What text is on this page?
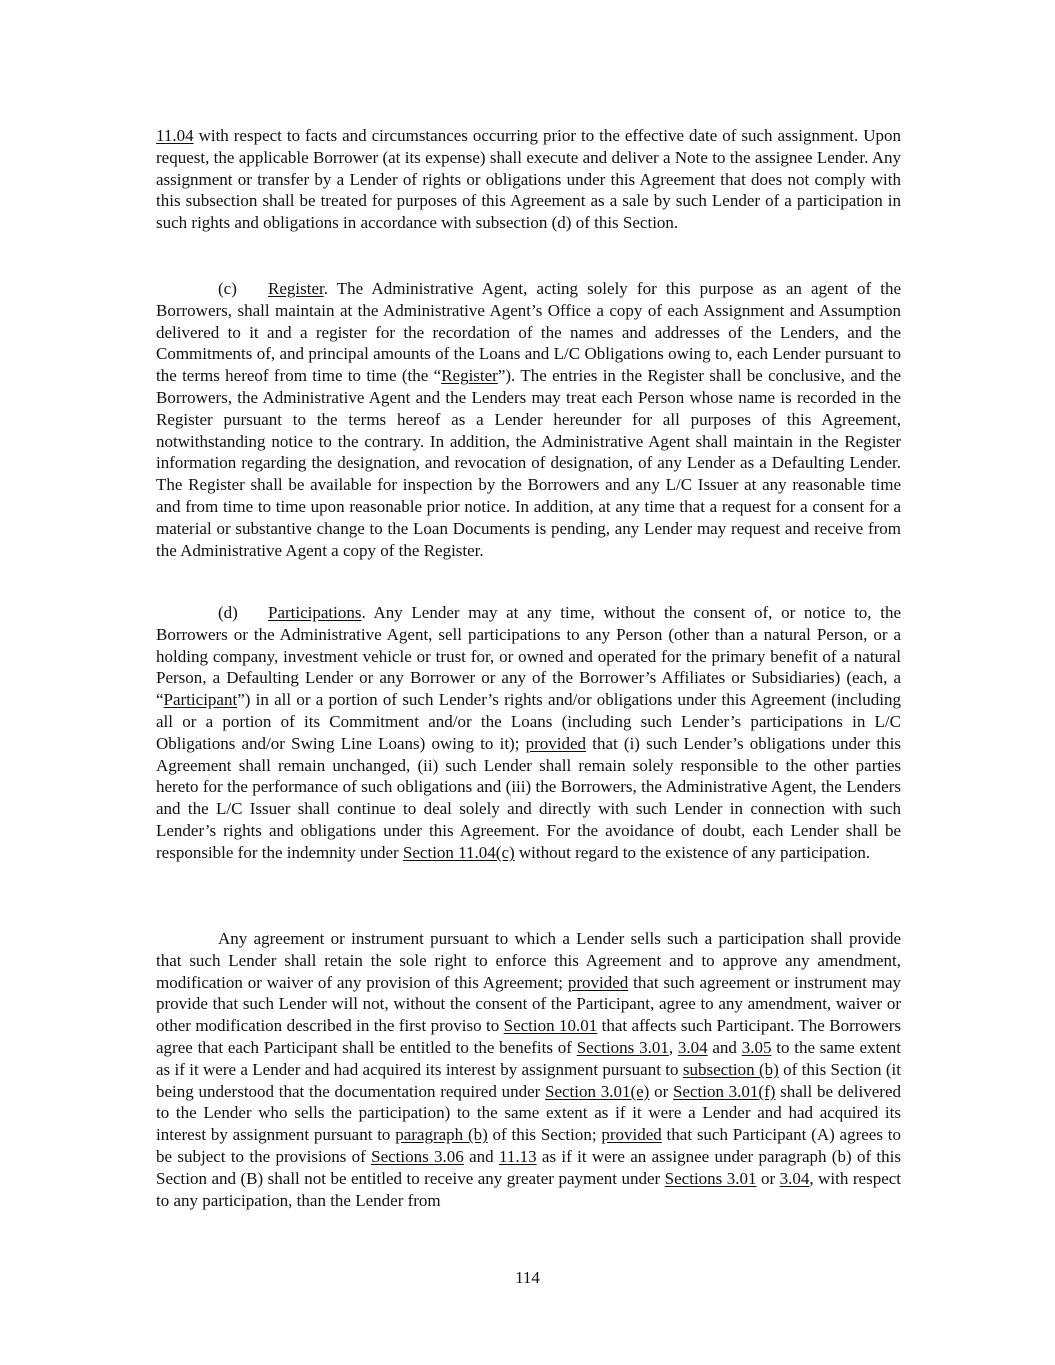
11.04 with respect to facts and circumstances occurring prior to the effective date of such assignment. Upon request, the applicable Borrower (at its expense) shall execute and deliver a Note to the assignee Lender. Any assignment or transfer by a Lender of rights or obligations under this Agreement that does not comply with this subsection shall be treated for purposes of this Agreement as a sale by such Lender of a participation in such rights and obligations in accordance with subsection (d) of this Section.

(c) Register. The Administrative Agent, acting solely for this purpose as an agent of the Borrowers, shall maintain at the Administrative Agent’s Office a copy of each Assignment and Assumption delivered to it and a register for the recordation of the names and addresses of the Lenders, and the Commitments of, and principal amounts of the Loans and L/C Obligations owing to, each Lender pursuant to the terms hereof from time to time (the “Register”). The entries in the Register shall be conclusive, and the Borrowers, the Administrative Agent and the Lenders may treat each Person whose name is recorded in the Register pursuant to the terms hereof as a Lender hereunder for all purposes of this Agreement, notwithstanding notice to the contrary. In addition, the Administrative Agent shall maintain in the Register information regarding the designation, and revocation of designation, of any Lender as a Defaulting Lender. The Register shall be available for inspection by the Borrowers and any L/C Issuer at any reasonable time and from time to time upon reasonable prior notice. In addition, at any time that a request for a consent for a material or substantive change to the Loan Documents is pending, any Lender may request and receive from the Administrative Agent a copy of the Register.

(d) Participations. Any Lender may at any time, without the consent of, or notice to, the Borrowers or the Administrative Agent, sell participations to any Person (other than a natural Person, or a holding company, investment vehicle or trust for, or owned and operated for the primary benefit of a natural Person, a Defaulting Lender or any Borrower or any of the Borrower’s Affiliates or Subsidiaries) (each, a “Participant”) in all or a portion of such Lender’s rights and/or obligations under this Agreement (including all or a portion of its Commitment and/or the Loans (including such Lender’s participations in L/C Obligations and/or Swing Line Loans) owing to it); provided that (i) such Lender’s obligations under this Agreement shall remain unchanged, (ii) such Lender shall remain solely responsible to the other parties hereto for the performance of such obligations and (iii) the Borrowers, the Administrative Agent, the Lenders and the L/C Issuer shall continue to deal solely and directly with such Lender in connection with such Lender’s rights and obligations under this Agreement. For the avoidance of doubt, each Lender shall be responsible for the indemnity under Section 11.04(c) without regard to the existence of any participation.

Any agreement or instrument pursuant to which a Lender sells such a participation shall provide that such Lender shall retain the sole right to enforce this Agreement and to approve any amendment, modification or waiver of any provision of this Agreement; provided that such agreement or instrument may provide that such Lender will not, without the consent of the Participant, agree to any amendment, waiver or other modification described in the first proviso to Section 10.01 that affects such Participant. The Borrowers agree that each Participant shall be entitled to the benefits of Sections 3.01, 3.04 and 3.05 to the same extent as if it were a Lender and had acquired its interest by assignment pursuant to subsection (b) of this Section (it being understood that the documentation required under Section 3.01(e) or Section 3.01(f) shall be delivered to the Lender who sells the participation) to the same extent as if it were a Lender and had acquired its interest by assignment pursuant to paragraph (b) of this Section; provided that such Participant (A) agrees to be subject to the provisions of Sections 3.06 and 11.13 as if it were an assignee under paragraph (b) of this Section and (B) shall not be entitled to receive any greater payment under Sections 3.01 or 3.04, with respect to any participation, than the Lender from

114
